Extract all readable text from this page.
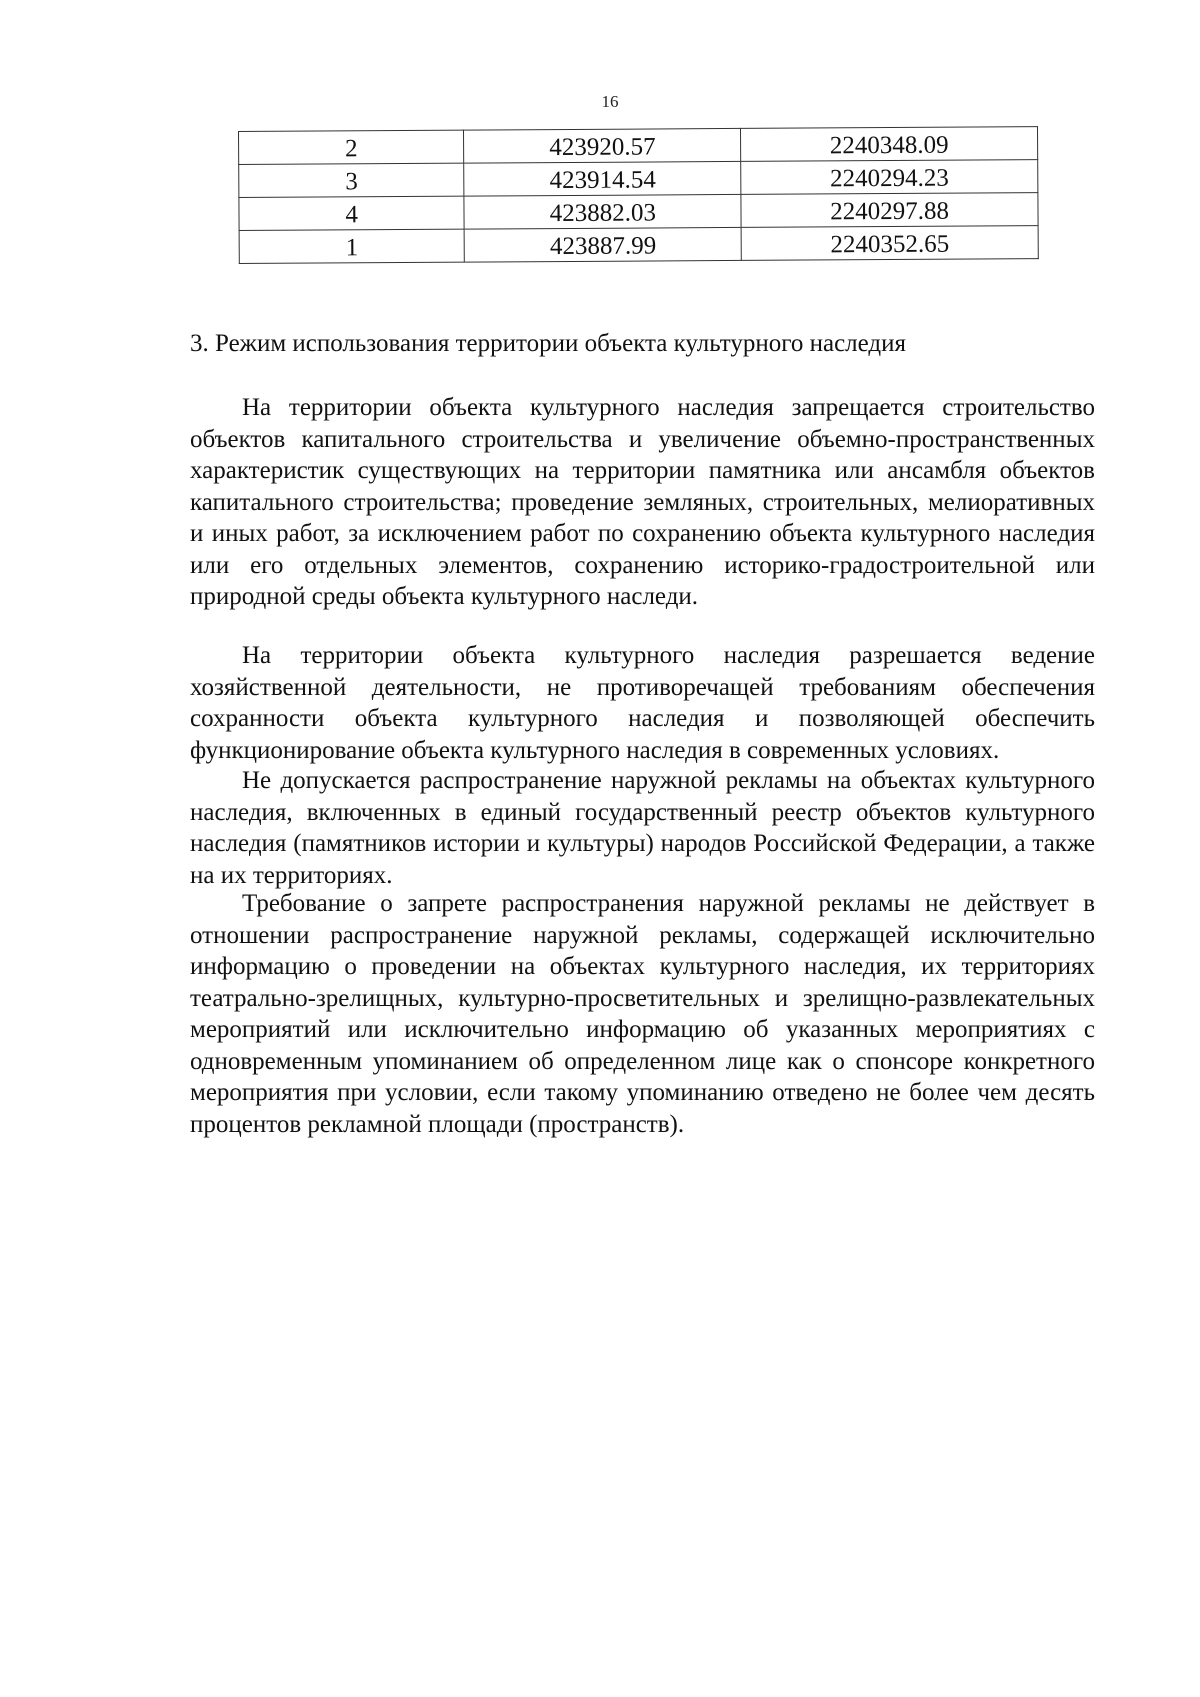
16
2	423920.57	2240348.09
3	423914.54	2240294.23
4	423882.03	2240297.88
1	423887.99	2240352.65
3. Режим использования территории объекта культурного наследия

На территории объекта культурного наследия запрещается строительство объектов капитального строительства и увеличение объемно-пространственных характеристик существующих на территории памятника или ансамбля объектов капитального строительства; проведение земляных, строительных, мелиоративных и иных работ, за исключением работ по сохранению объекта культурного наследия или его отдельных элементов, сохранению историко-градостроительной или природной среды объекта культурного наследи.

На территории объекта культурного наследия разрешается ведение хозяйственной деятельности, не противоречащей требованиям обеспечения сохранности объекта культурного наследия и позволяющей обеспечить функционирование объекта культурного наследия в современных условиях.

Не допускается распространение наружной рекламы на объектах культурного наследия, включенных в единый государственный реестр объектов культурного наследия (памятников истории и культуры) народов Российской Федерации, а также на их территориях.

Требование о запрете распространения наружной рекламы не действует в отношении распространение наружной рекламы, содержащей исключительно информацию о проведении на объектах культурного наследия, их территориях театрально-зрелищных, культурно-просветительных и зрелищно-развлекательных мероприятий или исключительно информацию об указанных мероприятиях с одновременным упоминанием об определенном лице как о спонсоре конкретного мероприятия при условии, если такому упоминанию отведено не более чем десять процентов рекламной площади (пространств).
